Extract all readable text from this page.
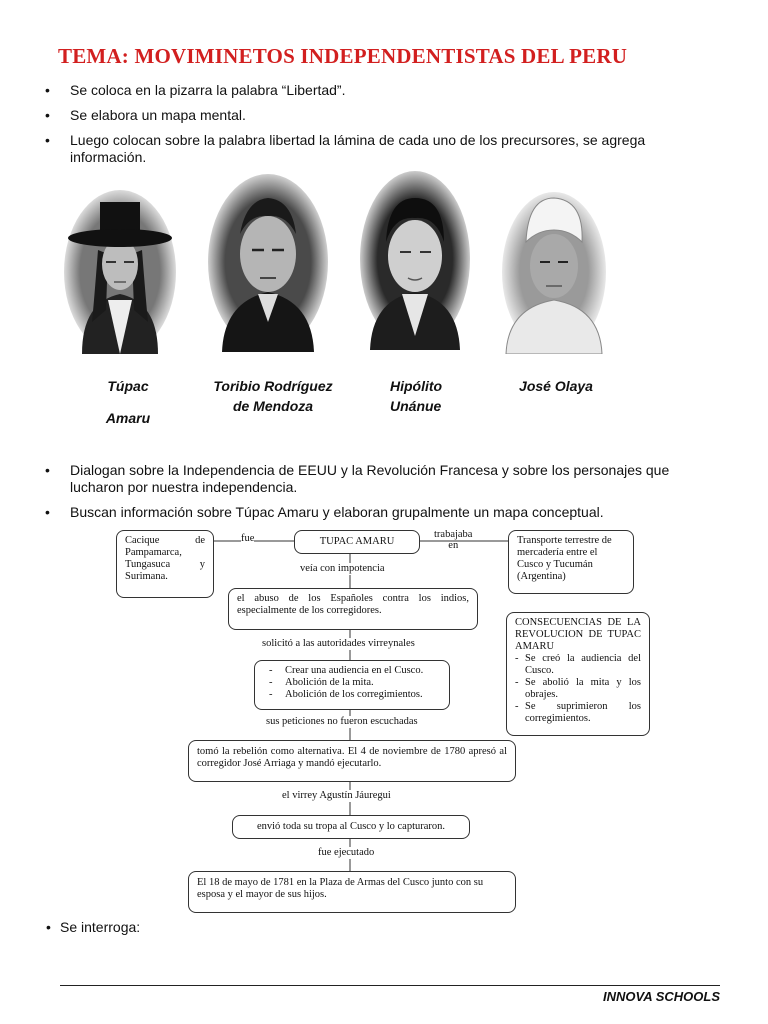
TEMA: MOVIMINETOS INDEPENDENTISTAS DEL PERU
• Se coloca en la pizarra la palabra “Libertad”.
• Se elabora un mapa mental.
• Luego colocan sobre la palabra libertad la lámina de cada uno de los precursores, se agrega información.
Túpac
Amaru
Toribio Rodríguez
de Mendoza
Hipólito
Unánue
José Olaya
• Dialogan sobre la Independencia de EEUU y la Revolución Francesa y sobre los personajes que lucharon por nuestra independencia.
• Buscan información sobre Túpac Amaru y elaboran grupalmente un mapa conceptual.
TUPAC AMARU
Cacique de Pampamarca, Tungasuca y Surimana.
fue	trabajaba
en	Transporte terrestre de mercadería entre el Cusco y Tucumán (Argentina)
veía con impotencia
el abuso de los Españoles contra los indios, especialmente de los corregidores.
solicitó a las autoridades virreynales
- Crear una audiencia en el Cusco.
- Abolición de la mita.
- Abolición de los corregimientos.
CONSECUENCIAS DE LA REVOLUCION DE TUPAC AMARU
- Se creó la audiencia del Cusco.
- Se abolió la mita y los obrajes.
- Se suprimieron los corregimientos.
sus peticiones no fueron escuchadas
tomó la rebelión como alternativa. El 4 de noviembre de 1780 apresó al corregidor José Arriaga y mandó ejecutarlo.
el virrey Agustín Jáuregui
envió toda su tropa al Cusco y lo capturaron.
fue ejecutado
El 18 de mayo de 1781 en la Plaza de Armas del Cusco junto con su esposa y el mayor de sus hijos.
• Se interroga:
INNOVA SCHOOLS
